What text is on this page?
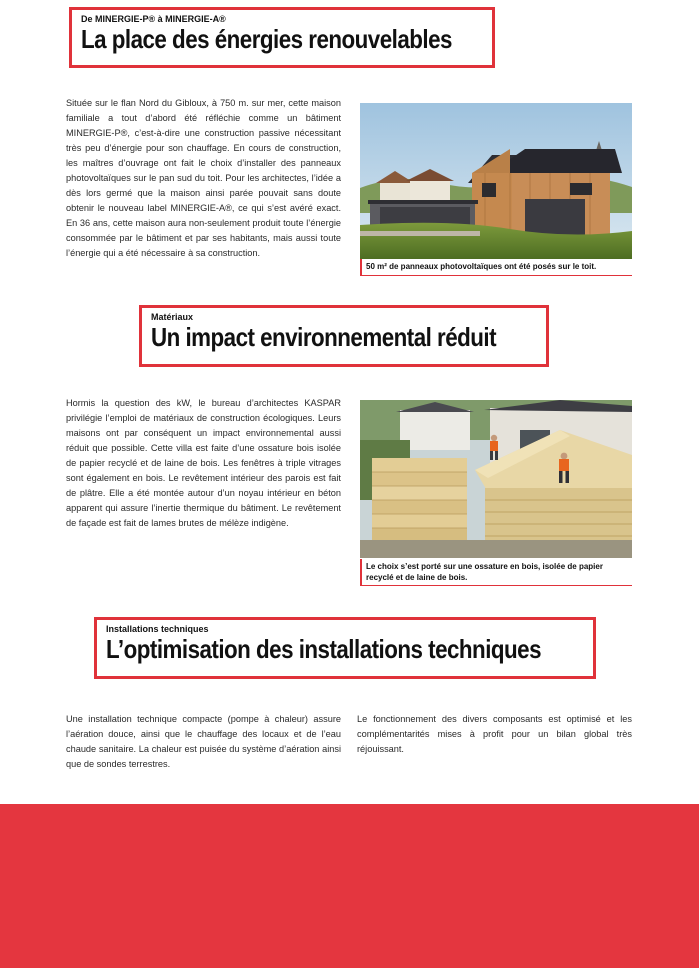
De MINERGIE-P® à MINERGIE-A®
La place des énergies renouvelables
Située sur le flan Nord du Gibloux, à 750 m. sur mer, cette maison familiale a tout d’abord été réfléchie comme un bâtiment MINERGIE-P®, c’est-à-dire une construction passive nécessitant très peu d’énergie pour son chauffage. En cours de construction, les maîtres d’ouvrage ont fait le choix d’installer des panneaux photovoltaïques sur le pan sud du toit. Pour les architectes, l’idée a dès lors germé que la maison ainsi parée pouvait sans doute obtenir le nouveau label MINERGIE-A®, ce qui s’est avéré exact. En 36 ans, cette maison aura non-seulement produit toute l’énergie consommée par le bâtiment et par ses habitants, mais aussi toute l’énergie qui a été nécessaire à sa construction.
50 m² de panneaux photovoltaïques ont été posés sur le toit.
Matériaux
Un impact environnemental réduit
Hormis la question des kW, le bureau d’architectes KASPAR privilégie l’emploi de matériaux de construction écologiques. Leurs maisons ont par conséquent un impact environnemental aussi réduit que possible. Cette villa est faite d’une ossature bois isolée de papier recyclé et de laine de bois. Les fenêtres à triple vitrages sont également en bois. Le revêtement intérieur des parois est fait de plâtre. Elle a été montée autour d’un noyau intérieur en béton apparent qui assure l’inertie thermique du bâtiment. Le revêtement de façade est fait de lames brutes de mélèze indigène.
Le choix s’est porté sur une ossature en bois, isolée de papier recyclé et de laine de bois.
Installations techniques
L’optimisation des installations techniques
Une installation technique compacte (pompe à chaleur) assure l’aération douce, ainsi que le chauffage des locaux et de l’eau chaude sanitaire. La chaleur est puisée du système d’aération ainsi que de sondes terrestres.
Le fonctionnement des divers composants est optimisé et les complémentarités mises à profit pour un bilan global très réjouissant.
